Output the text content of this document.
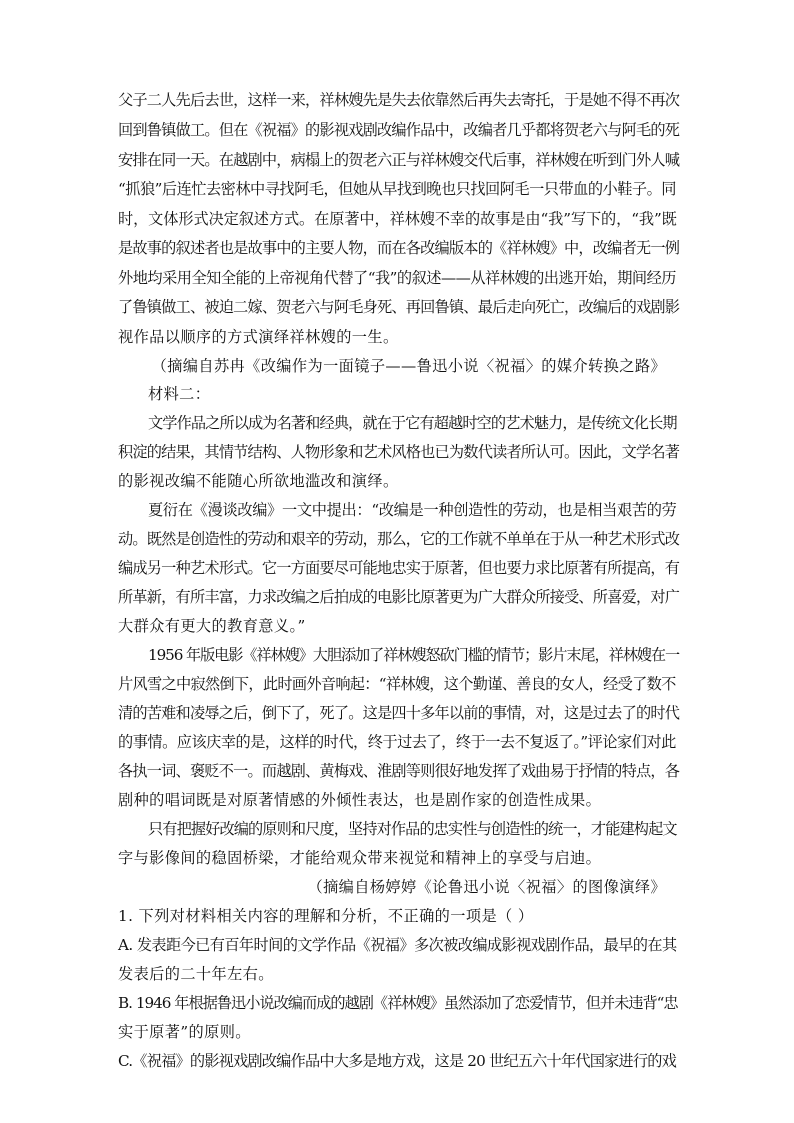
父子二人先后去世，这样一来，祥林嫂先是失去依靠然后再失去寄托，于是她不得不再次
回到鲁镇做工。但在《祝福》的影视戏剧改编作品中，改编者几乎都将贺老六与阿毛的死
安排在同一天。在越剧中，病榻上的贺老六正与祥林嫂交代后事，祥林嫂在听到门外人喊
“抓狼”后连忙去密林中寻找阿毛，但她从早找到晚也只找回阿毛一只带血的小鞋子。同
时，文体形式决定叙述方式。在原著中，祥林嫂不幸的故事是由“我”写下的，“我”既
是故事的叙述者也是故事中的主要人物，而在各改编版本的《祥林嫂》中，改编者无一例
外地均采用全知全能的上帝视角代替了“我”的叙述——从祥林嫂的出逃开始，期间经历
了鲁镇做工、被迫二嫁、贺老六与阿毛身死、再回鲁镇、最后走向死亡，改编后的戏剧影
视作品以顺序的方式演绎祥林嫂的一生。
（摘编自苏冉《改编作为一面镜子——鲁迅小说〈祝福〉的媒介转换之路》
材料二：
文学作品之所以成为名著和经典，就在于它有超越时空的艺术魅力，是传统文化长期
积淀的结果，其情节结构、人物形象和艺术风格也已为数代读者所认可。因此，文学名著
的影视改编不能随心所欲地滥改和演绎。
夏衍在《漫谈改编》一文中提出：“改编是一种创造性的劳动，也是相当艰苦的劳
动。既然是创造性的劳动和艰辛的劳动，那么，它的工作就不单单在于从一种艺术形式改
编成另一种艺术形式。它一方面要尽可能地忠实于原著，但也要力求比原著有所提高，有
所革新，有所丰富，力求改编之后拍成的电影比原著更为广大群众所接受、所喜爱，对广
大群众有更大的教育意义。”
1956 年版电影《祥林嫂》大胆添加了祥林嫂怒砍门槛的情节；影片末尾，祥林嫂在一
片风雪之中寂然倒下，此时画外音响起：“祥林嫂，这个勤谨、善良的女人，经受了数不
清的苦难和凌辱之后，倒下了，死了。这是四十多年以前的事情，对，这是过去了的时代
的事情。应该庆幸的是，这样的时代，终于过去了，终于一去不复返了。”评论家们对此
各执一词、褒贬不一。而越剧、黄梅戏、淮剧等则很好地发挥了戏曲易于抒情的特点，各
剧种的唱词既是对原著情感的外倾性表达，也是剧作家的创造性成果。
只有把握好改编的原则和尺度，坚持对作品的忠实性与创造性的统一，才能建构起文
字与影像间的稳固桥梁，才能给观众带来视觉和精神上的享受与启迪。
（摘编自杨婷婷《论鲁迅小说〈祝福〉的图像演绎》
1. 下列对材料相关内容的理解和分析，不正确的一项是（ ）
A. 发表距今已有百年时间的文学作品《祝福》多次被改编成影视戏剧作品，最早的在其
发表后的二十年左右。
B. 1946 年根据鲁迅小说改编而成的越剧《祥林嫂》虽然添加了恋爱情节，但并未违背“忠
实于原著”的原则。
C.《祝福》的影视戏剧改编作品中大多是地方戏，这是 20 世纪五六十年代国家进行的戏
